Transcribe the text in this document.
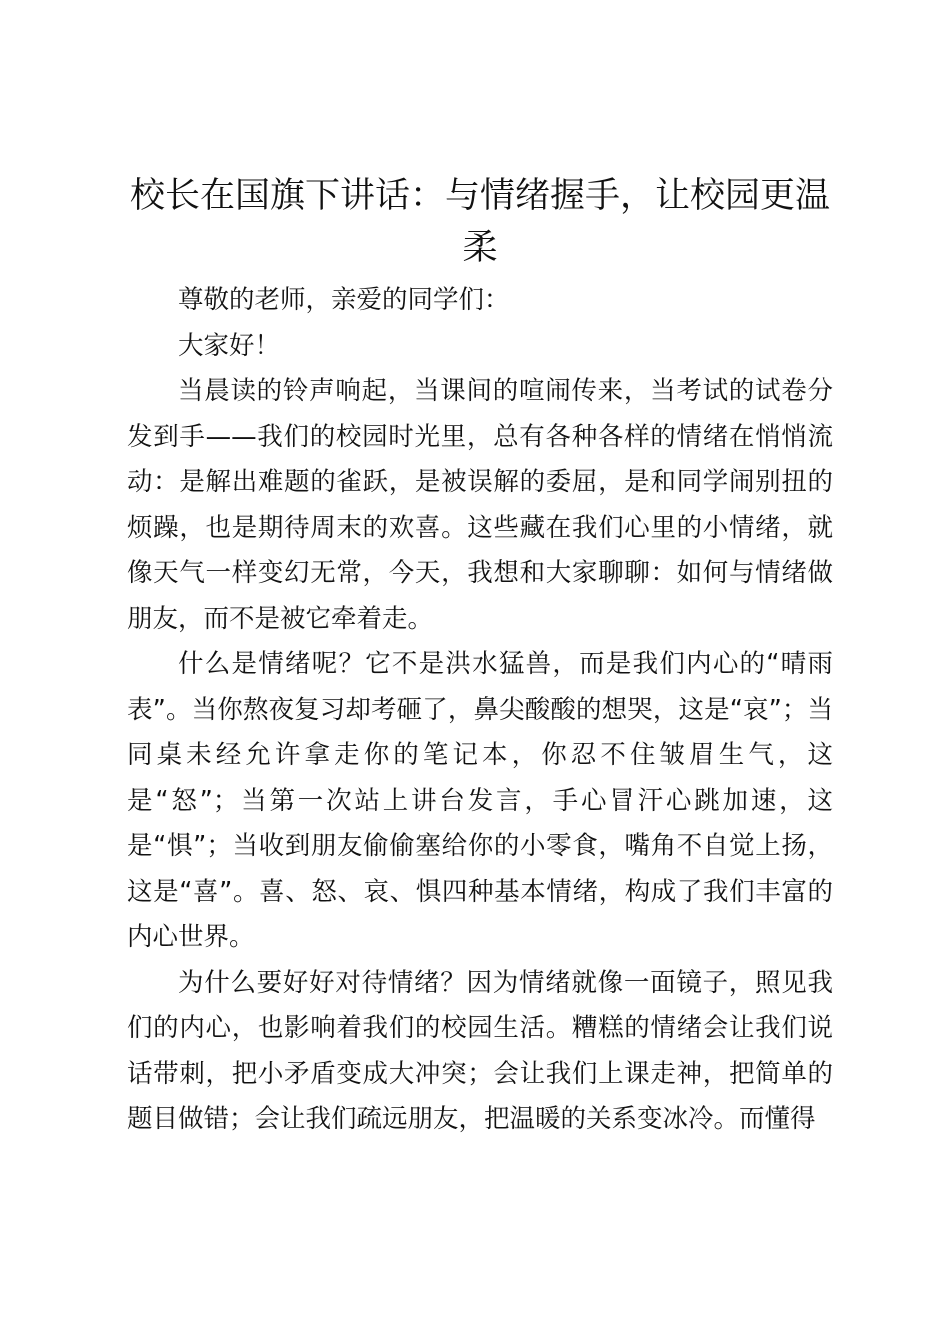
校长在国旗下讲话：与情绪握手，让校园更温柔

尊敬的老师，亲爱的同学们：

大家好！

当晨读的铃声响起，当课间的喧闹传来，当考试的试卷分发到手——我们的校园时光里，总有各种各样的情绪在悄悄流动：是解出难题的雀跃，是被误解的委屈，是和同学闹别扭的烦躁，也是期待周末的欢喜。这些藏在我们心里的小情绪，就像天气一样变幻无常，今天，我想和大家聊聊：如何与情绪做朋友，而不是被它牵着走。

什么是情绪呢？它不是洪水猛兽，而是我们内心的“晴雨表”。当你熬夜复习却考砸了，鼻尖酸酸的想哭，这是“哀”；当同桌未经允许拿走你的笔记本，你忍不住皱眉生气，这是“怒”；当第一次站上讲台发言，手心冒汗心跳加速，这是“惧”；当收到朋友偷偷塞给你的小零食，嘴角不自觉上扬，这是“喜”。喜、怒、哀、惧四种基本情绪，构成了我们丰富的内心世界。

为什么要好好对待情绪？因为情绪就像一面镜子，照见我们的内心，也影响着我们的校园生活。糟糕的情绪会让我们说话带刺，把小矛盾变成大冲突；会让我们上课走神，把简单的题目做错；会让我们疏远朋友，把温暖的关系变冰冷。而懂得
